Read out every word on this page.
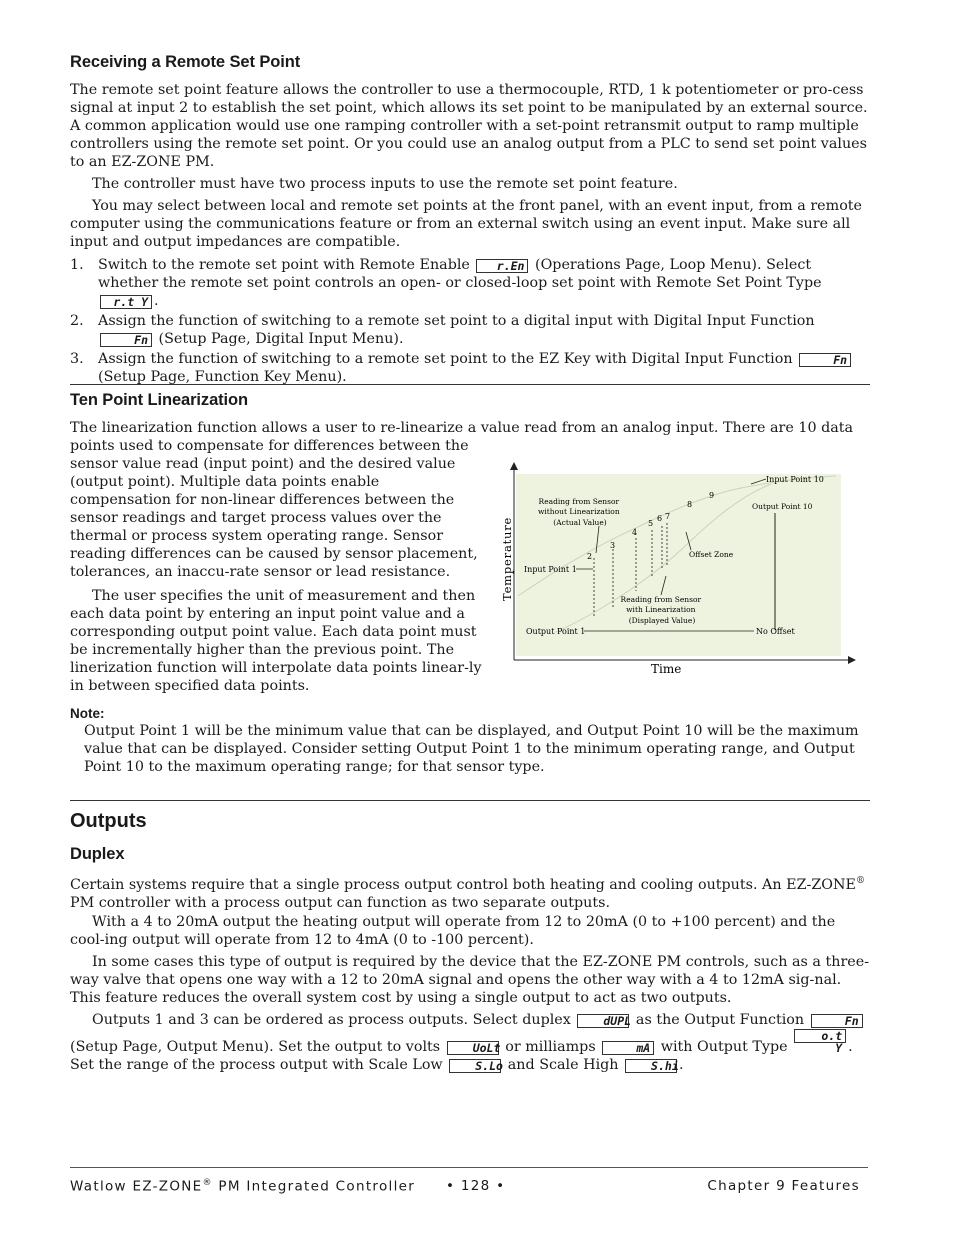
Receiving a Remote Set Point

The remote set point feature allows the controller to use a thermocouple, RTD, 1 k potentiometer or pro-cess signal at input 2 to establish the set point, which allows its set point to be manipulated by an external source. A common application would use one ramping controller with a set-point retransmit output to ramp multiple controllers using the remote set point. Or you could use an analog output from a PLC to send set point values to an EZ-ZONE PM.

The controller must have two process inputs to use the remote set point feature.

You may select between local and remote set points at the front panel, with an event input, from a remote computer using the communications feature or from an external switch using an event input. Make sure all input and output impedances are compatible.

1. Switch to the remote set point with Remote Enable r.En (Operations Page, Loop Menu). Select whether the remote set point controls an open- or closed-loop set point with Remote Set Point Type r.t Y .
2. Assign the function of switching to a remote set point to a digital input with Digital Input Function Fn (Setup Page, Digital Input Menu).
3. Assign the function of switching to a remote set point to the EZ Key with Digital Input Function	Fn (Setup Page, Function Key Menu).
Ten Point Linearization

The linearization function allows a user to re-linearize a value read from an analog input. There are 10 data

points used to compensate for differences between the sensor value read (input point) and the desired value (output point). Multiple data points enable compensation for non-linear differences between the sensor readings and target process values over the thermal or process system operating range. Sensor reading differences can be caused by sensor placement, tolerances, an inaccu-rate sensor or lead resistance.

The user specifies the unit of measurement and then each data point by entering an input point value and a corresponding output point value. Each data point must be incrementally higher than the previous point. The linerization function will interpolate data points linear-ly in between specified data points.

Note:

Output Point 1 will be the minimum value that can be displayed, and Output Point 10 will be the maximum value that can be displayed. Consider setting Output Point 1 to the minimum operating range, and Output Point 10 to the maximum operating range; for that sensor type.

Outputs
Duplex

Certain systems require that a single process output control both heating and cooling outputs. An EZ-ZONE® PM controller with a process output can function as two separate outputs.

With a 4 to 20mA output the heating output will operate from 12 to 20mA (0 to +100 percent) and the cool-ing output will operate from 12 to 4mA (0 to -100 percent).

In some cases this type of output is required by the device that the EZ-ZONE PM controls, such as a three-way valve that opens one way with a 12 to 20mA signal and opens the other way with a 4 to 12mA sig-nal. This feature reduces the overall system cost by using a single output to act as two outputs.

Outputs 1 and 3 can be ordered as process outputs. Select duplex	dUPL as the Output Function	Fn (Setup Page, Output Menu). Set the output to volts	UoLt or milliamps	mA with Output Type o.t Y . Set the range of the process output with Scale Low	S.Lo and Scale High	S.hi.

Temperature
Time
Reading from Sensor without Linearization (Actual Value)
Reading from Sensor with Linearization (Displayed Value)
Input Point 1
Input Point 10
Output Point 1
Output Point 10
Offset Zone
No Offset
2
3
4
5
6 7
8
9
Watlow EZ-ZONE® PM Integrated Controller • 128 •	Chapter 9 Features
